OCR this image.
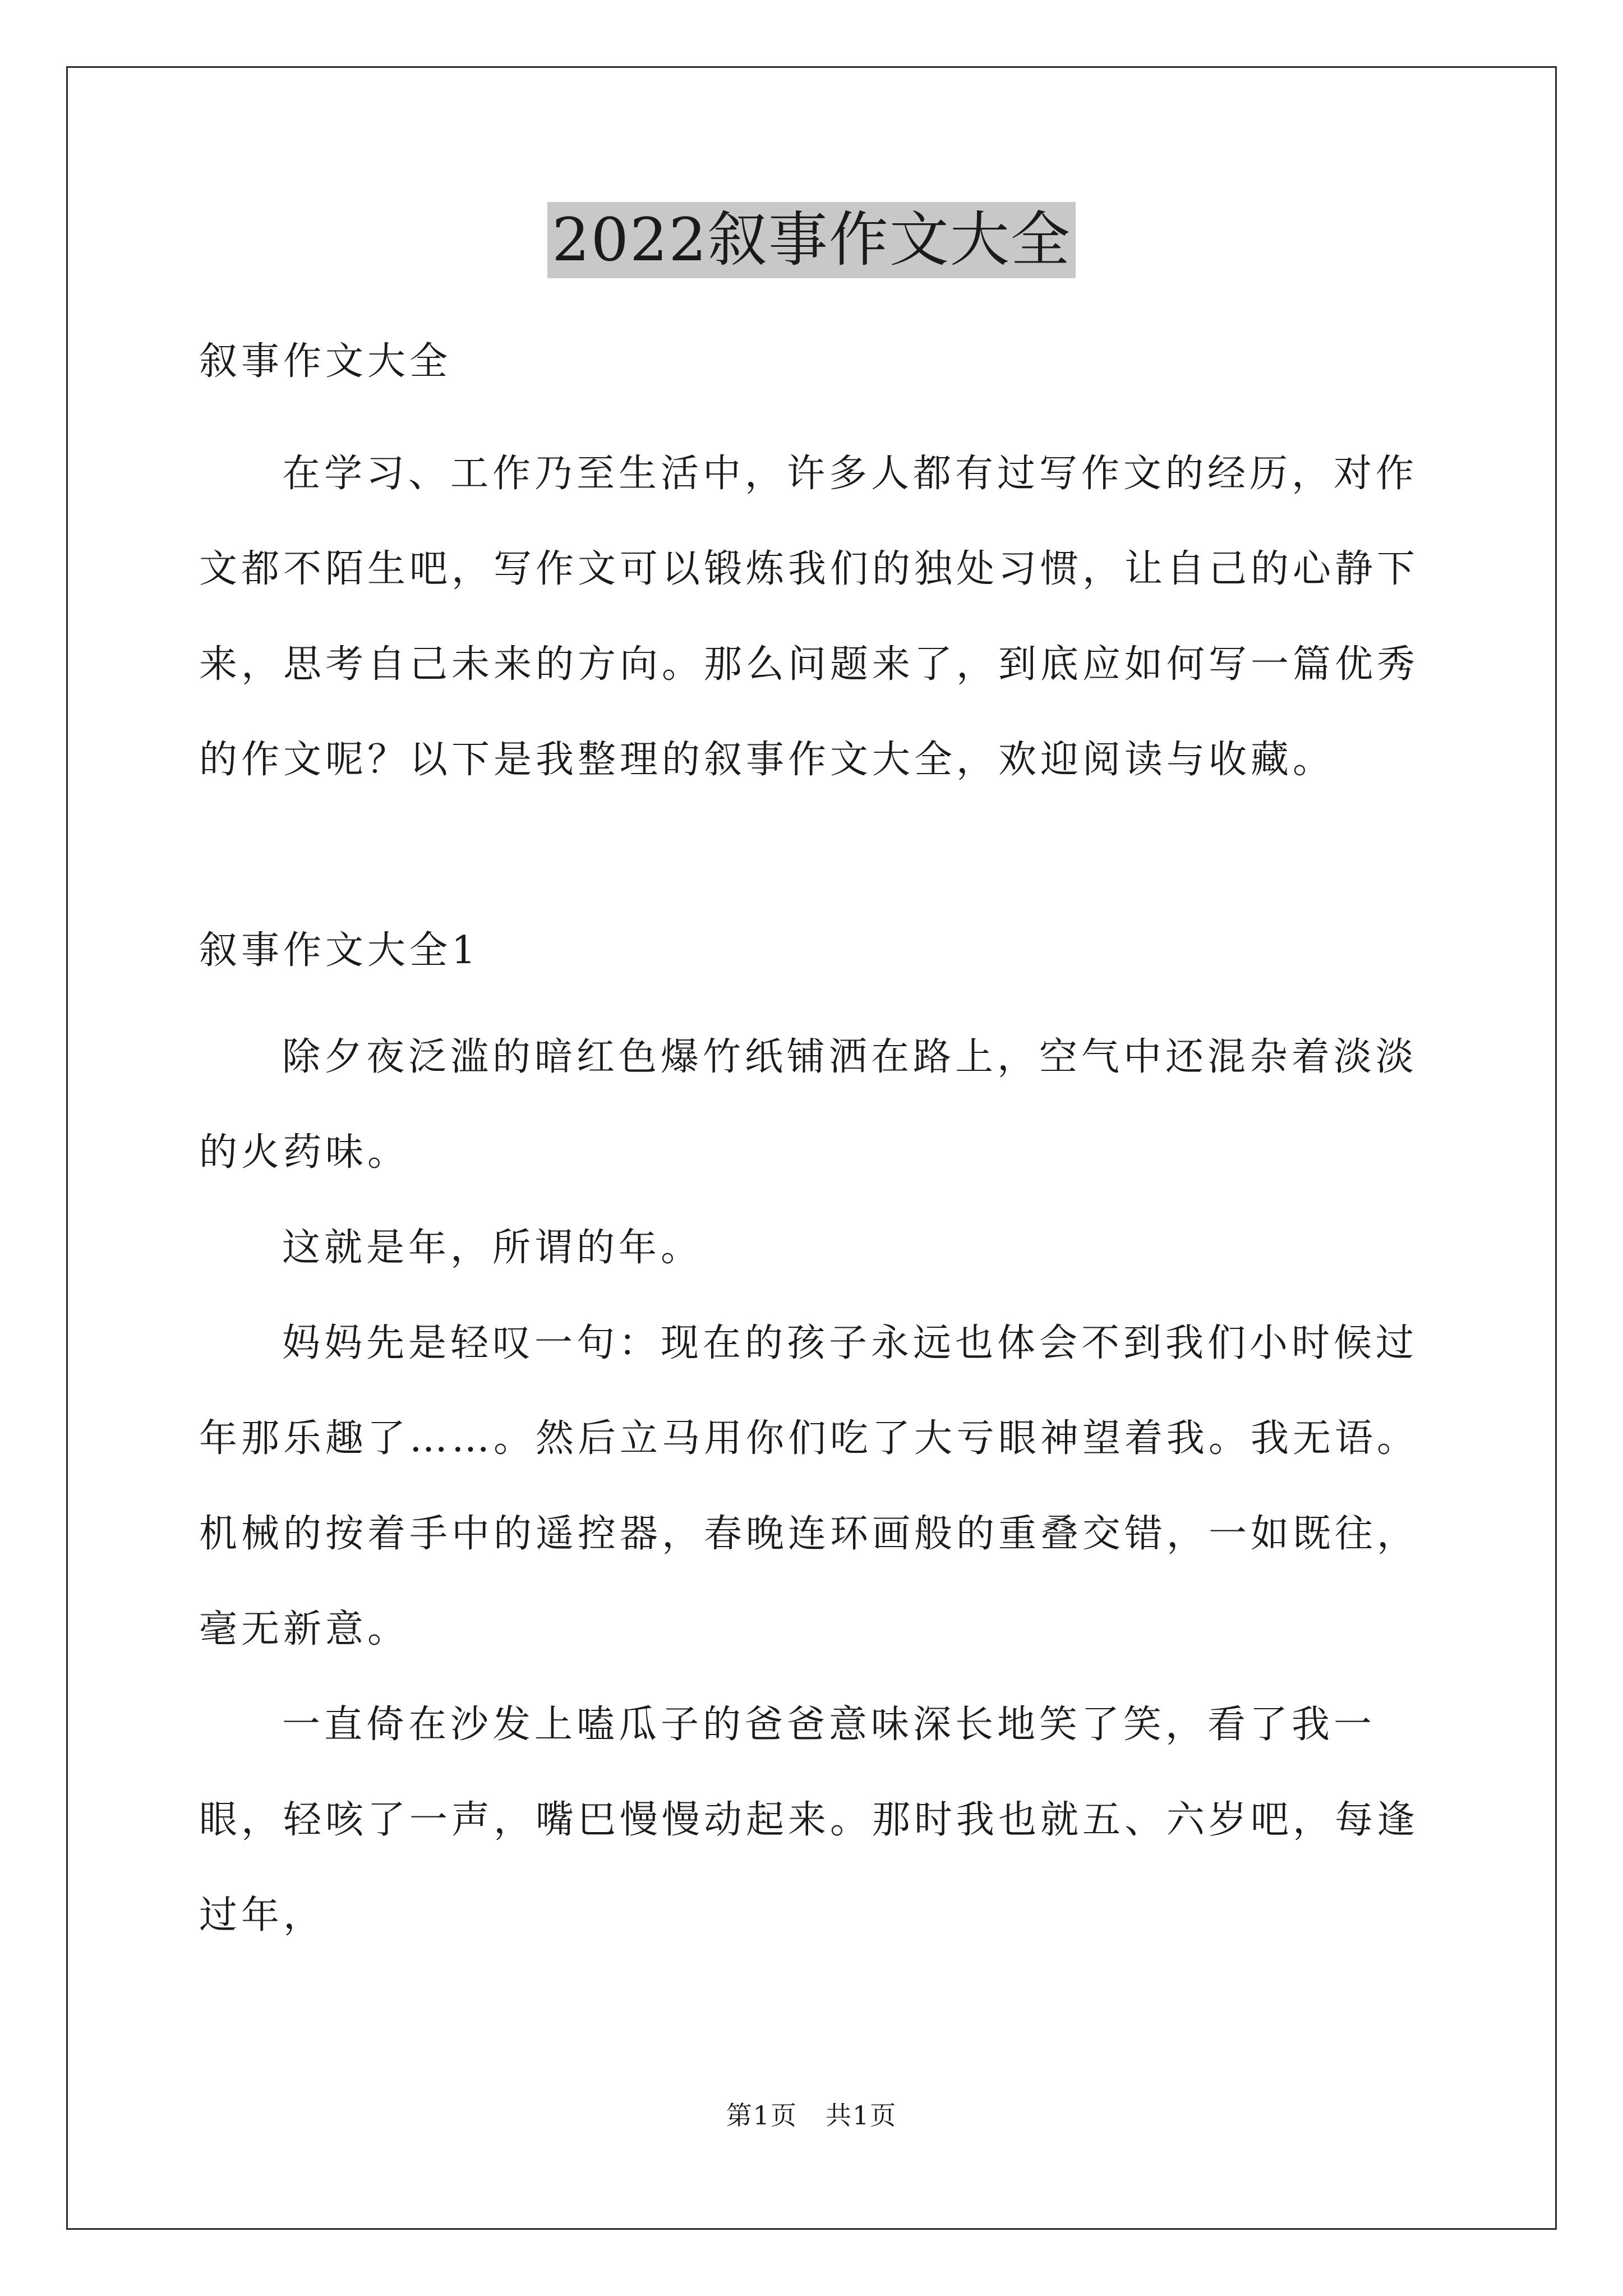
2022叙事作文大全

叙事作文大全

在学习、工作乃至生活中，许多人都有过写作文的经历，对作文都不陌生吧，写作文可以锻炼我们的独处习惯，让自己的心静下来，思考自己未来的方向。那么问题来了，到底应如何写一篇优秀的作文呢？以下是我整理的叙事作文大全，欢迎阅读与收藏。

叙事作文大全1

除夕夜泛滥的暗红色爆竹纸铺洒在路上，空气中还混杂着淡淡的火药味。

这就是年，所谓的年。

妈妈先是轻叹一句：现在的孩子永远也体会不到我们小时候过年那乐趣了……。然后立马用你们吃了大亏眼神望着我。我无语。机械的按着手中的遥控器，春晚连环画般的重叠交错，一如既往，毫无新意。

一直倚在沙发上嗑瓜子的爸爸意味深长地笑了笑，看了我一眼，轻咳了一声，嘴巴慢慢动起来。那时我也就五、六岁吧，每逢过年，

第1页 共1页
